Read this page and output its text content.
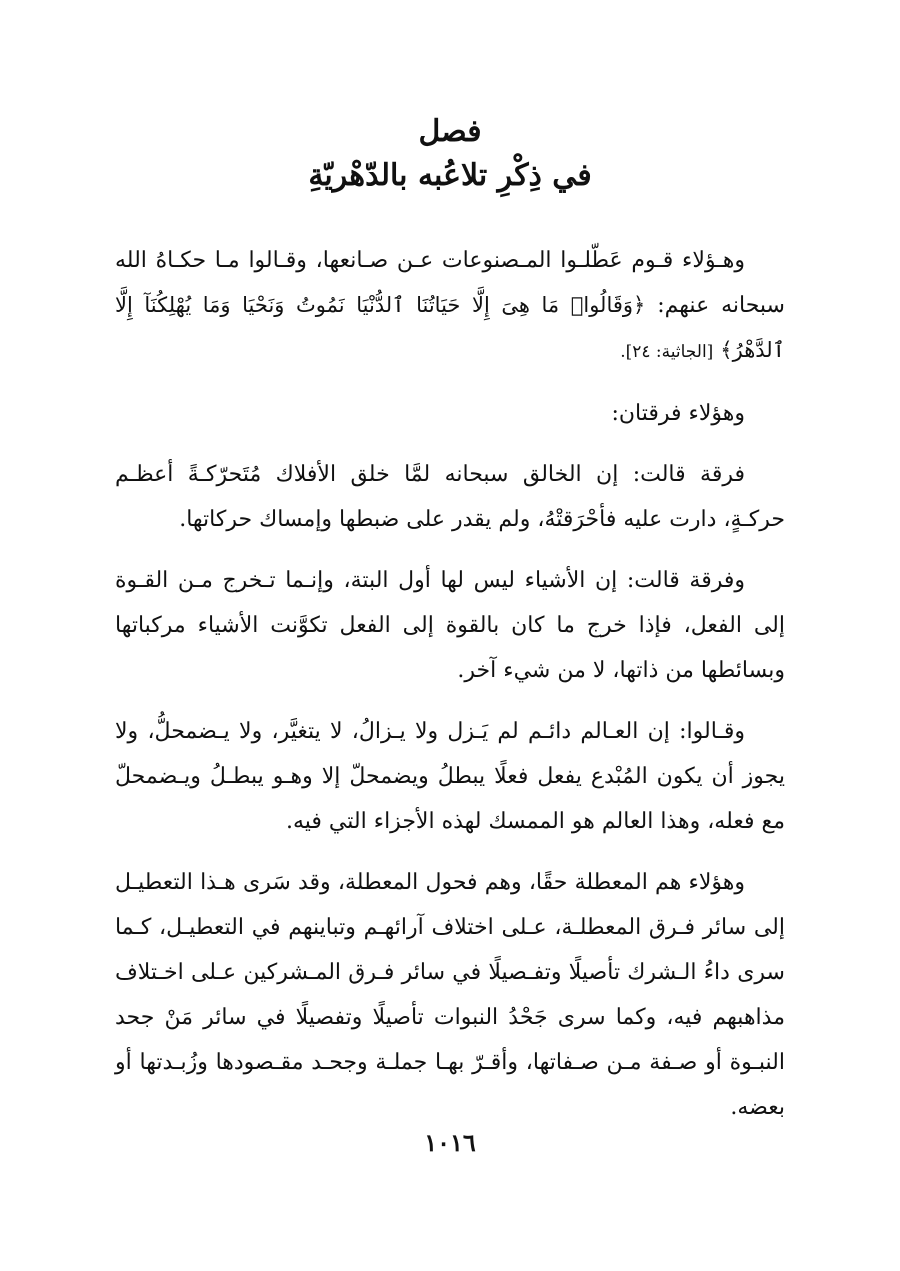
فصل
في ذِكْرِ تلاعُبه بالدّهْريّةِ

وهـؤلاء قـوم عَطّلـوا المـصنوعات عـن صـانعها، وقـالوا مـا حكـاهُ الله سبحانه عنهم: ﴿وَقَالُوا۟ مَا هِىَ إِلَّا حَيَاتُنَا ٱلدُّنْيَا نَمُوتُ وَنَحْيَا وَمَا يُهْلِكُنَآ إِلَّا ٱلدَّهْرُ﴾ [الجاثية: ٢٤].

وهؤلاء فرقتان:

فرقة قالت: إن الخالق سبحانه لمَّا خلق الأفلاك مُتَحرّكـةً أعظـم حركـةٍ، دارت عليه فأحْرَقتْهُ، ولم يقدر على ضبطها وإمساك حركاتها.

وفرقة قالت: إن الأشياء ليس لها أول البتة، وإنـما تـخرج مـن القـوة إلى الفعل، فإذا خرج ما كان بالقوة إلى الفعل تكوَّنت الأشياء مركباتها وبسائطها من ذاتها، لا من شيء آخر.

وقـالوا: إن العـالم دائـم لم يَـزل ولا يـزالُ، لا يتغيَّر، ولا يـضمحلُّ، ولا يجوز أن يكون المُبْدع يفعل فعلًا يبطلُ ويضمحلّ إلا وهـو يبطـلُ ويـضمحلّ مع فعله، وهذا العالم هو الممسك لهذه الأجزاء التي فيه.

وهؤلاء هم المعطلة حقًا، وهم فحول المعطلة، وقد سَرى هـذا التعطيـل إلى سائر فـرق المعطلـة، عـلى اختلاف آرائهـم وتباينهم في التعطيـل، كـما سرى داءُ الـشرك تأصيلًا وتفـصيلًا في سائر فـرق المـشركين عـلى اخـتلاف مذاهبهم فيه، وكما سرى جَحْدُ النبوات تأصيلًا وتفصيلًا في سائر مَنْ جحد النبـوة أو صـفة مـن صـفاتها، وأقـرّ بهـا جملـة وجحـد مقـصودها وزُبـدتها أو بعضه.

١٠١٦
